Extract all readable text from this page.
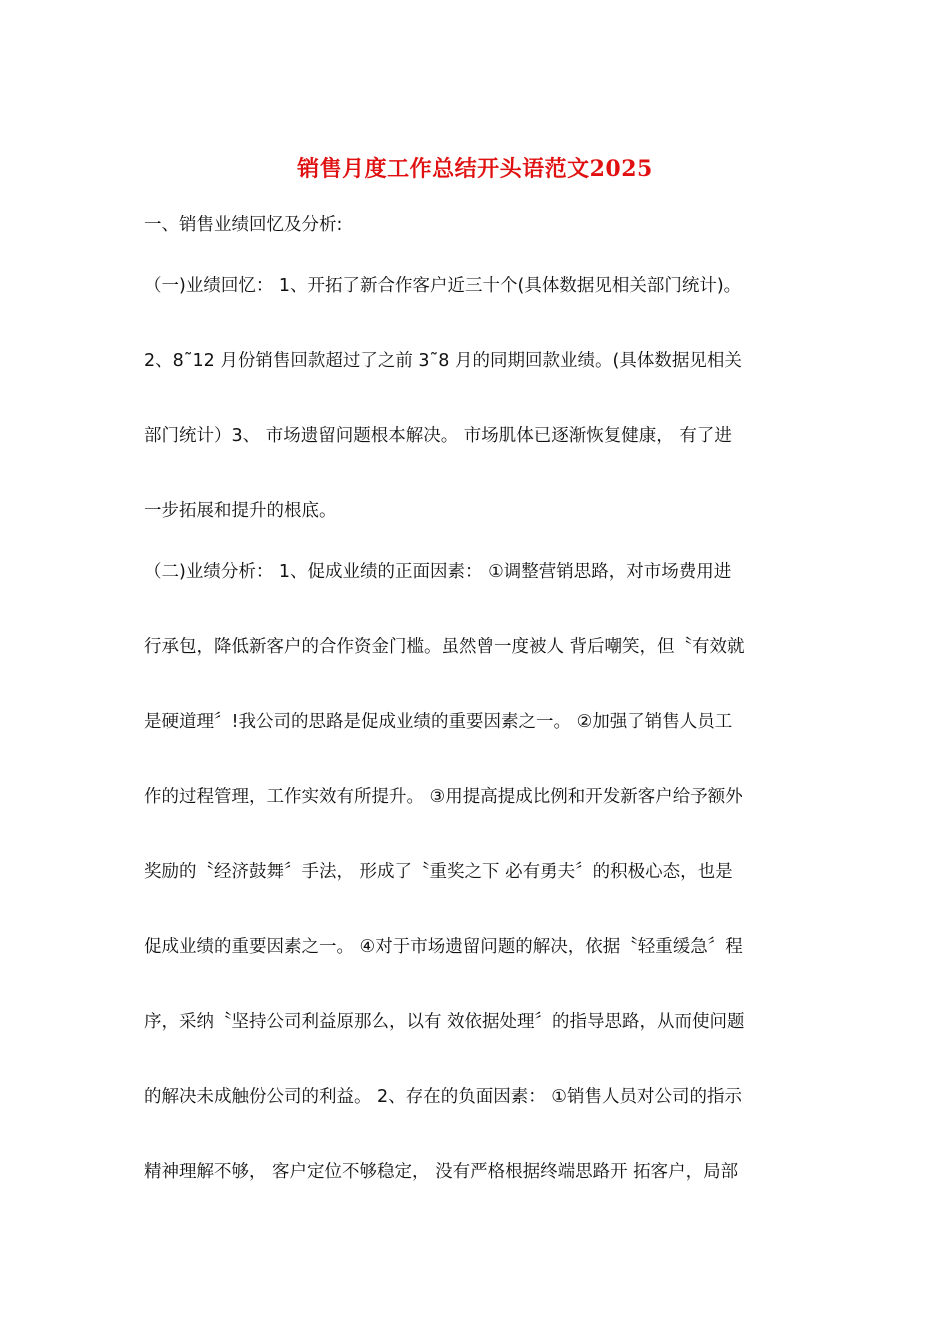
销售月度工作总结开头语范文2025
一、销售业绩回忆及分析:
（一)业绩回忆： 1、开拓了新合作客户近三十个(具体数据见相关部门统计)。
2、8˜12 月份销售回款超过了之前 3˜8 月的同期回款业绩。(具体数据见相关
部门统计）3、 市场遗留问题根本解决。 市场肌体已逐渐恢复健康， 有了进
一步拓展和提升的根底。
（二)业绩分析： 1、促成业绩的正面因素： ①调整营销思路，对市场费用进
行承包，降低新客户的合作资金门槛。虽然曾一度被人 背后嘲笑，但〝有效就
是硬道理〞!我公司的思路是促成业绩的重要因素之一。 ②加强了销售人员工
作的过程管理，工作实效有所提升。 ③用提高提成比例和开发新客户给予额外
奖励的〝经济鼓舞〞手法， 形成了〝重奖之下 必有勇夫〞的积极心态，也是
促成业绩的重要因素之一。 ④对于市场遗留问题的解决，依据〝轻重缓急〞程
序，采纳〝坚持公司利益原那么，以有 效依据处理〞的指导思路，从而使问题
的解决未成触份公司的利益。 2、存在的负面因素： ①销售人员对公司的指示
精神理解不够， 客户定位不够稳定， 没有严格根据终端思路开 拓客户，局部
